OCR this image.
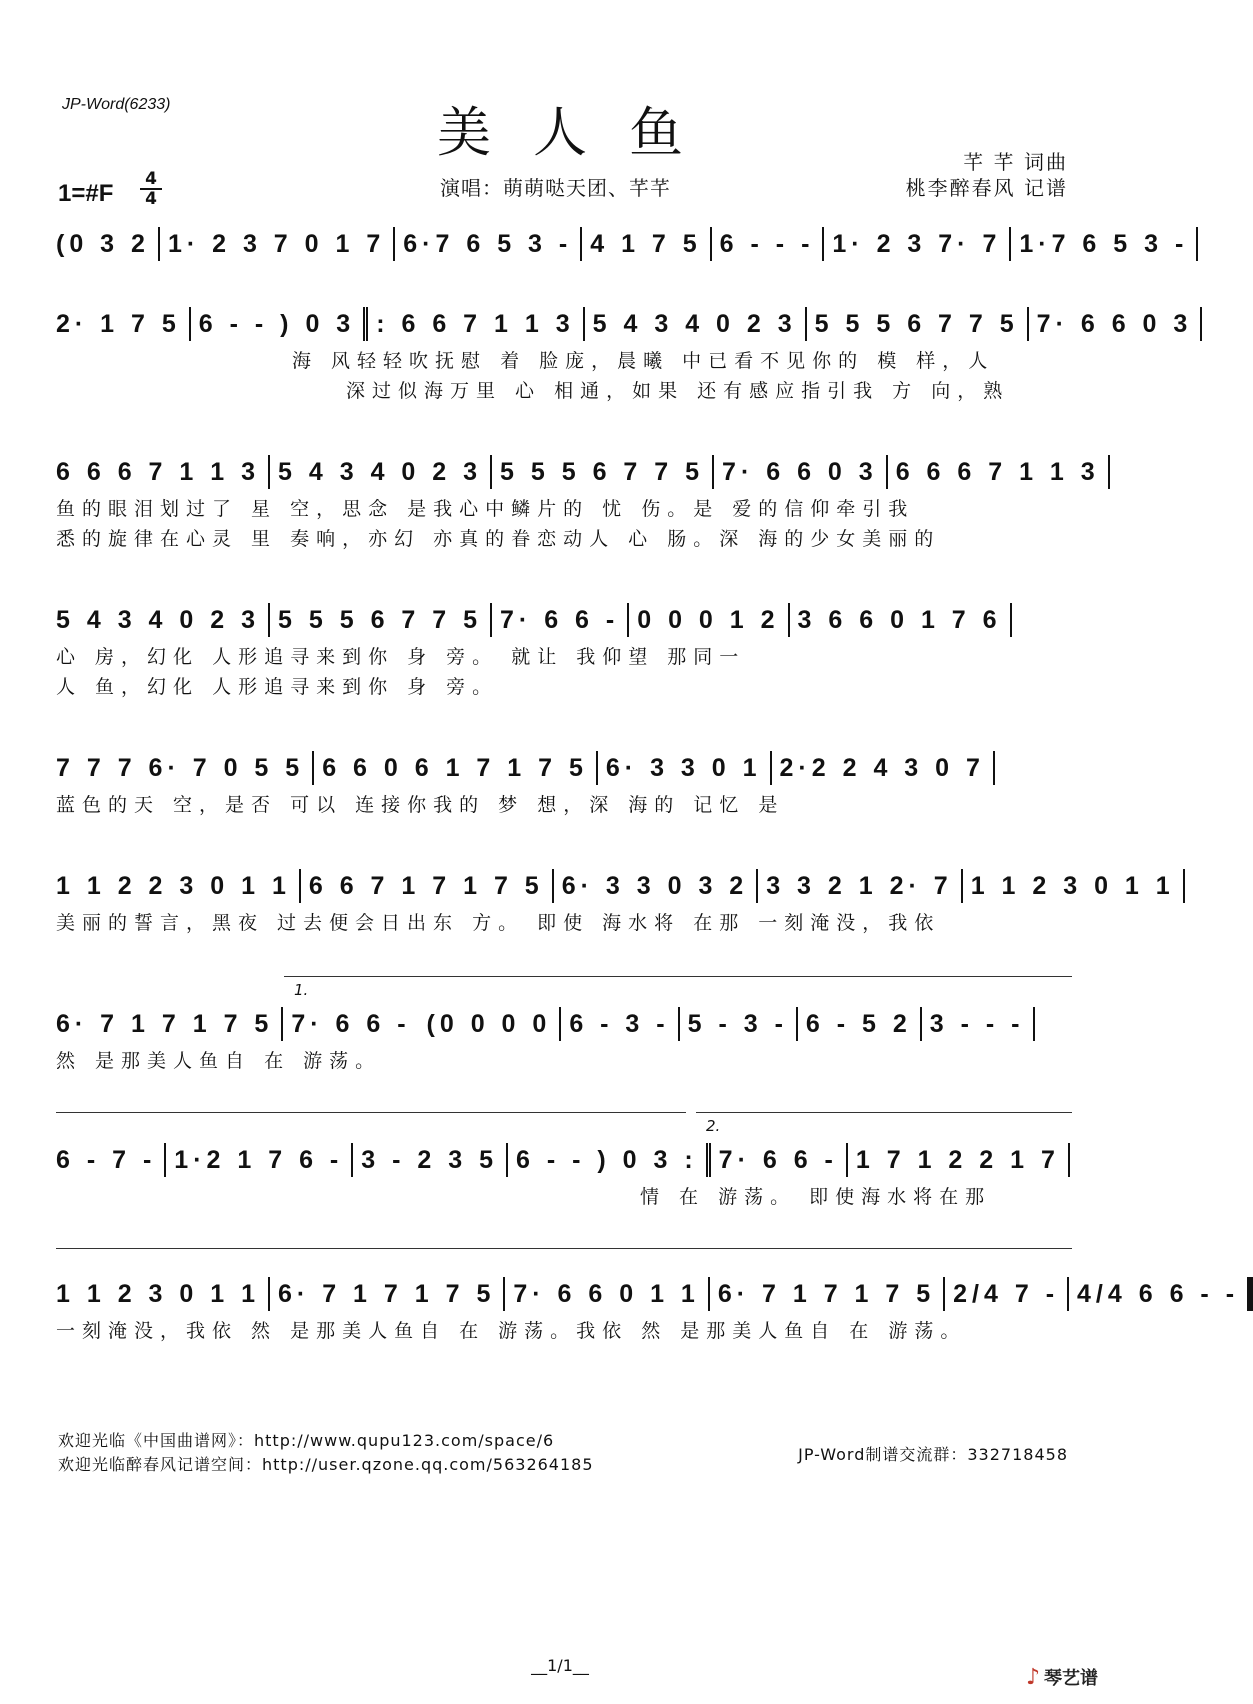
JP-Word(6233)	美人鱼	芊 芊 词曲
演唱：萌萌哒天团、芊芊	桃李醉春风 记谱
1=#F
4
4
(0 3 2 1· 2 3 7 0 1 7 6·7 6 5 3 - 4 1 7 5 6 - - - 1· 2 3 7· 7 1·7 6 5 3 -
2· 1 7 5 6 - - ) 0 3 : 6 6 7 1 1 3 5 4 3 4 0 2 3 5 5 5 6 7 7 5 7· 6 6 0 3
海 风轻轻吹抚慰 着 脸庞，晨曦 中已看不见你的 模 样，人
深过似海万里 心 相通，如果 还有感应指引我 方 向，熟
6 6 6 7 1 1 3 5 4 3 4 0 2 3 5 5 5 6 7 7 5 7· 6 6 0 3 6 6 6 7 1 1 3
鱼的眼泪划过了 星 空，思念 是我心中鳞片的 忧 伤。是 爱的信仰牵引我
悉的旋律在心灵 里 奏响，亦幻 亦真的眷恋动人 心 肠。深 海的少女美丽的
5 4 3 4 0 2 3 5 5 5 6 7 7 5 7· 6 6 - 0 0 0 1 2 3 6 6 0 1 7 6
心 房，幻化 人形追寻来到你 身 旁。 就让 我仰望 那同一
人 鱼，幻化 人形追寻来到你 身 旁。
7 7 7 6· 7 0 5 5 6 6 0 6 1 7 1 7 5 6· 3 3 0 1 2·2 2 4 3 0 7
蓝色的天 空，是否 可以 连接你我的 梦 想，深 海的 记忆 是
1 1 2 2 3 0 1 1 6 6 7 1 7 1 7 5 6· 3 3 0 3 2 3 3 2 1 2· 7 1 1 2 3 0 1 1
美丽的誓言，黑夜 过去便会日出东 方。 即使 海水将 在那 一刻淹没，我依
1.
6· 7 1 7 1 7 5 7· 6 6 - (0 0 0 0 6 - 3 - 5 - 3 - 6 - 5 2 3 - - -
然 是那美人鱼自 在 游荡。
2.
6 - 7 - 1·2 1 7 6 - 3 - 2 3 5 6 - - ) 0 3 : 7· 6 6 - 1 7 1 2 2 1 7
情 在 游荡。 即使海水将在那
1 1 2 3 0 1 1 6· 7 1 7 1 7 5 7· 6 6 0 1 1 6· 7 1 7 1 7 5 2/4 7 - 4/4 6 6 - -
一刻淹没，我依 然 是那美人鱼自 在 游荡。我依 然 是那美人鱼自 在 游荡。
欢迎光临《中国曲谱网》：http://www.qupu123.com/space/6
欢迎光临醉春风记谱空间：http://user.qzone.qq.com/563264185
JP-Word制谱交流群：332718458
__1/1__	♪ 琴艺谱
